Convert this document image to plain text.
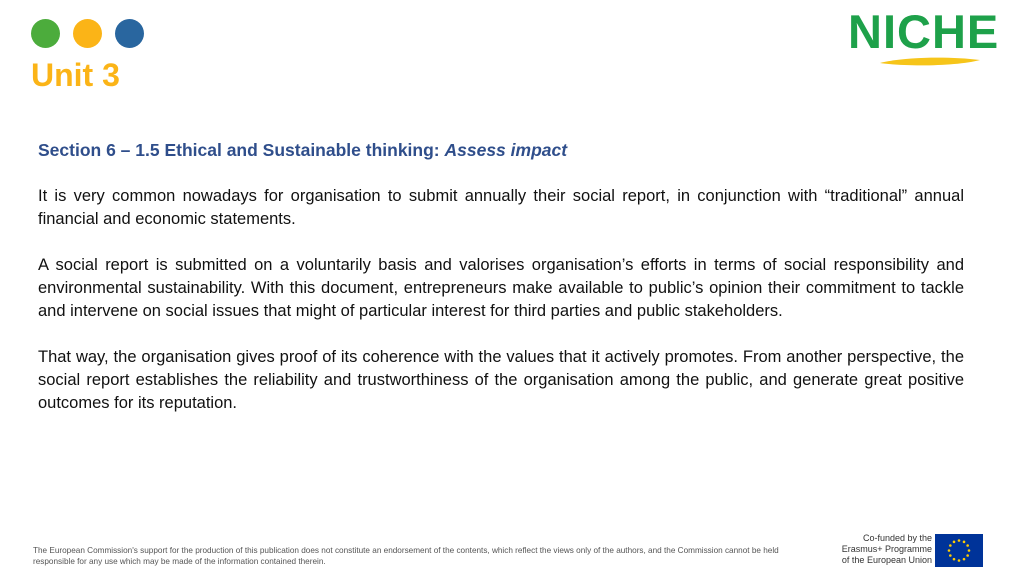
Unit 3
NICHE
Section 6 – 1.5 Ethical and Sustainable thinking: Assess impact

It is very common nowadays for organisation to submit annually their social report, in conjunction with “traditional” annual financial and economic statements.

A social report is submitted on a voluntarily basis and valorises organisation’s efforts in terms of social responsibility and environmental sustainability. With this document, entrepreneurs make available to public’s opinion their commitment to tackle and intervene on social issues that might of particular interest for third parties and public stakeholders.

That way, the organisation gives proof of its coherence with the values that it actively promotes. From another perspective, the social report establishes the reliability and trustworthiness of the organisation among the public, and generate great positive outcomes for its reputation.

The European Commission's support for the production of this publication does not constitute an endorsement of the contents, which reflect the views only of the authors, and the Commission cannot be held responsible for any use which may be made of the information contained therein.
Co-funded by the
Erasmus+ Programme
of the European Union
